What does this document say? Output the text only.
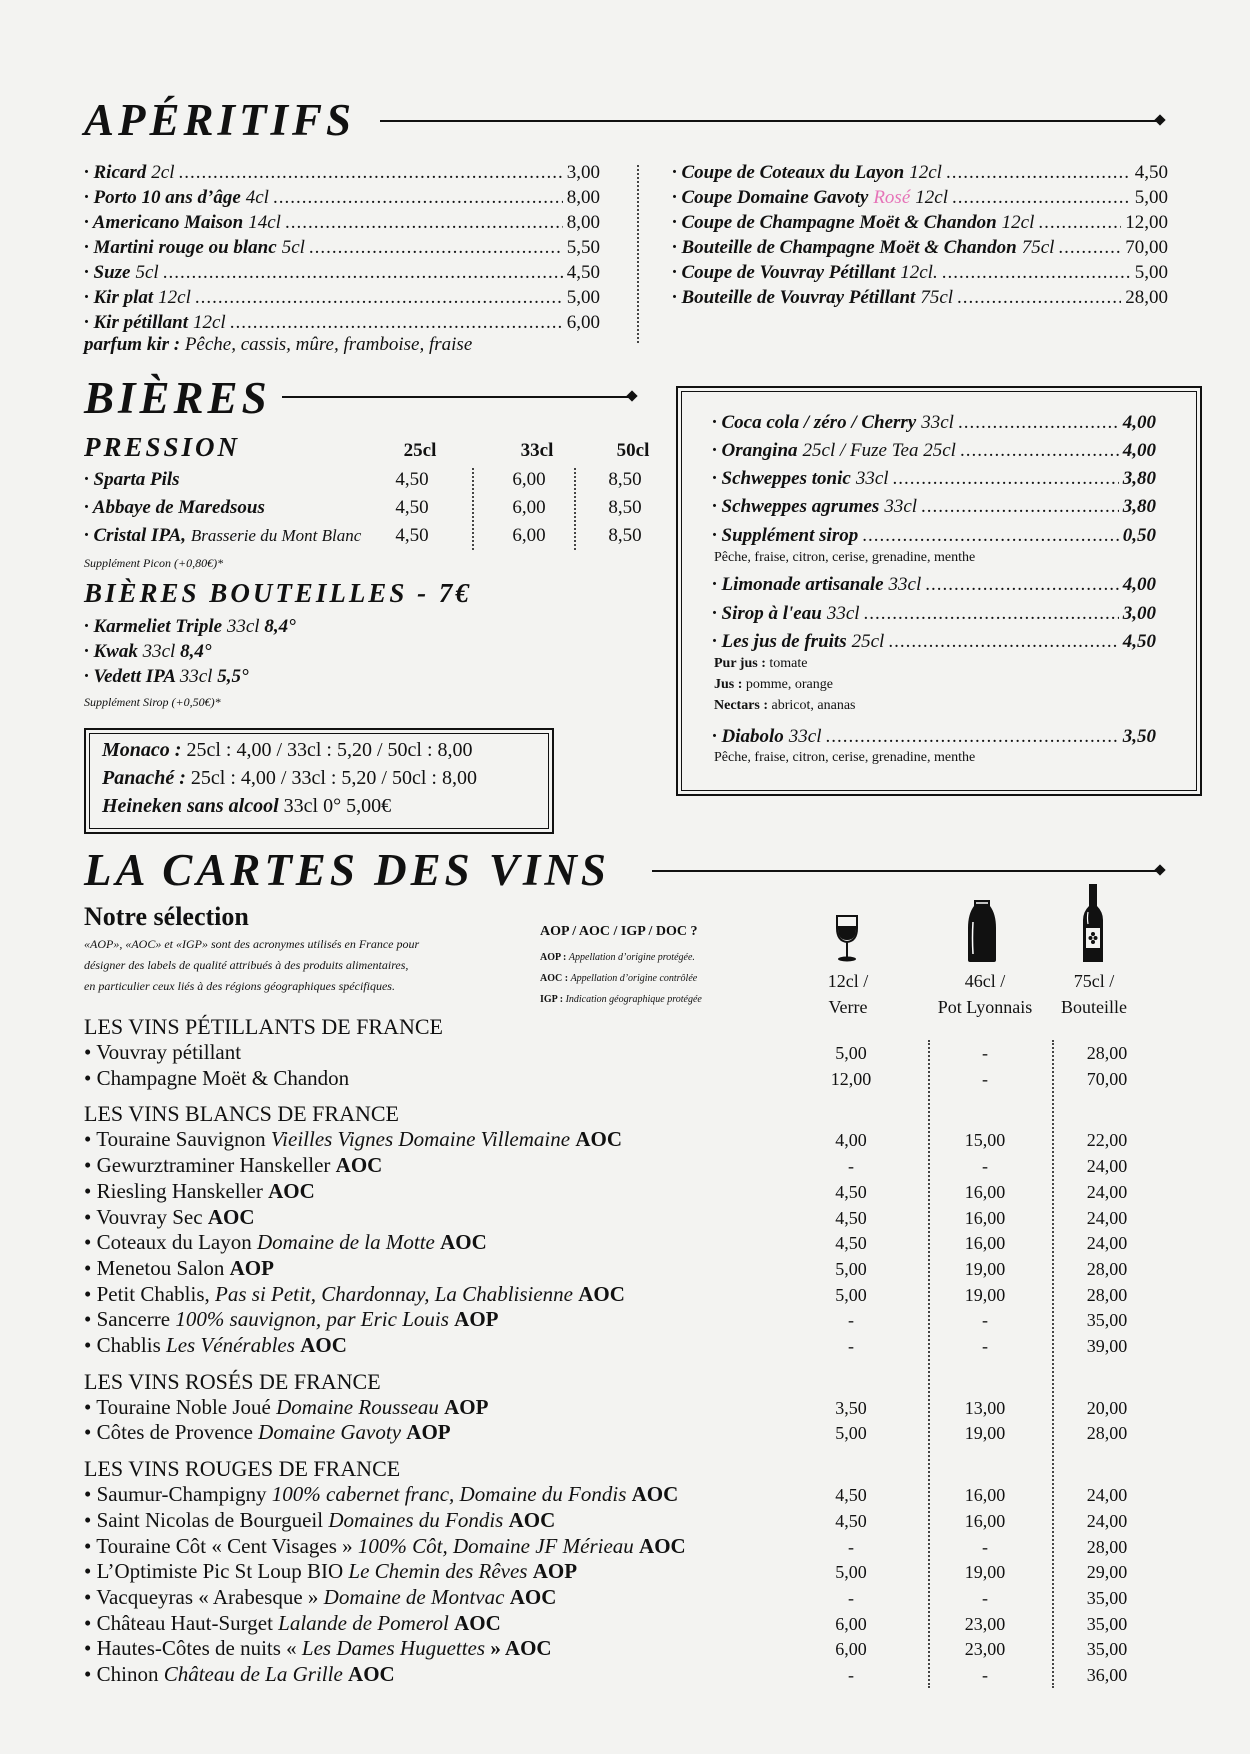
APÉRITIFS
· Ricard 2cl .....	3,00
· Porto 10 ans d’âge 4cl .....	8,00
· Americano Maison 14cl .....	8,00
· Martini rouge ou blanc 5cl .....	5,50
· Suze 5cl .....	4,50
· Kir plat 12cl .....	5,00
· Kir pétillant 12cl .....	6,00
parfum kir : Pêche, cassis, mûre, framboise, fraise
· Coupe de Coteaux du Layon 12cl .....	4,50
· Coupe Domaine Gavoty Rosé 12cl .....	5,00
· Coupe de Champagne Moët & Chandon 12cl .....	12,00
· Bouteille de Champagne Moët & Chandon 75cl .....	70,00
· Coupe de Vouvray Pétillant 12cl. .....	5,00
· Bouteille de Vouvray Pétillant 75cl .....	28,00
BIÈRES
PRESSION	25cl	33cl	50cl
· Sparta Pils	4,50	6,00	8,50
· Abbaye de Maredsous	4,50	6,00	8,50
· Cristal IPA, Brasserie du Mont Blanc	4,50	6,00	8,50
Supplément Picon (+0,80€)*
BIÈRES BOUTEILLES - 7€
· Karmeliet Triple 33cl 8,4°
· Kwak 33cl 8,4°
· Vedett IPA 33cl 5,5°
Supplément Sirop (+0,50€)*
Monaco : 25cl : 4,00 / 33cl : 5,20 / 50cl : 8,00
Panaché : 25cl : 4,00 / 33cl : 5,20 / 50cl : 8,00
Heineken sans alcool 33cl 0° 5,00€
· Coca cola / zéro / Cherry 33cl .....	4,00
· Orangina 25cl / Fuze Tea 25cl .....	4,00
· Schweppes tonic 33cl .....	3,80
· Schweppes agrumes 33cl .....	3,80
· Supplément sirop .....	0,50
· Limonade artisanale 33cl .....	4,00
· Sirop à l'eau 33cl .....	3,00
· Les jus de fruits 25cl .....	4,50
· Diabolo 33cl .....	3,50
Pêche, fraise, citron, cerise, grenadine, menthe
Pur jus : tomate
Jus : pomme, orange
Nectars : abricot, ananas
Pêche, fraise, citron, cerise, grenadine, menthe
LA CARTES DES VINS
Notre sélection
«AOP», «AOC» et «IGP» sont des acronymes utilisés en France pour
désigner des labels de qualité attribués à des produits alimentaires,
en particulier ceux liés à des régions géographiques spécifiques.
AOP / AOC / IGP / DOC ?
AOP : Appellation d’origine protégée.
AOC : Appellation d’origine contrôlée
IGP : Indication géographique protégée
12cl /
Verre
46cl /
Pot Lyonnais
75cl /
Bouteille
LES VINS PÉTILLANTS DE FRANCE
• Vouvray pétillant	5,00	-	28,00
• Champagne Moët & Chandon	12,00	-	70,00
LES VINS BLANCS DE FRANCE
• Touraine Sauvignon Vieilles Vignes Domaine Villemaine AOC	4,00	15,00	22,00
• Gewurztraminer Hanskeller AOC	-	-	24,00
• Riesling Hanskeller AOC	4,50	16,00	24,00
• Vouvray Sec AOC	4,50	16,00	24,00
• Coteaux du Layon Domaine de la Motte AOC	4,50	16,00	24,00
• Menetou Salon AOP	5,00	19,00	28,00
• Petit Chablis, Pas si Petit, Chardonnay, La Chablisienne AOC	5,00	19,00	28,00
• Sancerre 100% sauvignon, par Eric Louis AOP	-	-	35,00
• Chablis Les Vénérables AOC	-	-	39,00
LES VINS ROSÉS DE FRANCE
• Touraine Noble Joué Domaine Rousseau AOP	3,50	13,00	20,00
• Côtes de Provence Domaine Gavoty AOP	5,00	19,00	28,00
LES VINS ROUGES DE FRANCE
• Saumur-Champigny 100% cabernet franc, Domaine du Fondis AOC	4,50	16,00	24,00
• Saint Nicolas de Bourgueil Domaines du Fondis AOC	4,50	16,00	24,00
• Touraine Côt « Cent Visages » 100% Côt, Domaine JF Mérieau AOC	-	-	28,00
• L’Optimiste Pic St Loup BIO Le Chemin des Rêves AOP	5,00	19,00	29,00
• Vacqueyras « Arabesque » Domaine de Montvac AOC	-	-	35,00
• Château Haut-Surget Lalande de Pomerol AOC	6,00	23,00	35,00
• Hautes-Côtes de nuits « Les Dames Huguettes » AOC	6,00	23,00	35,00
• Chinon Château de La Grille AOC	-	-	36,00
